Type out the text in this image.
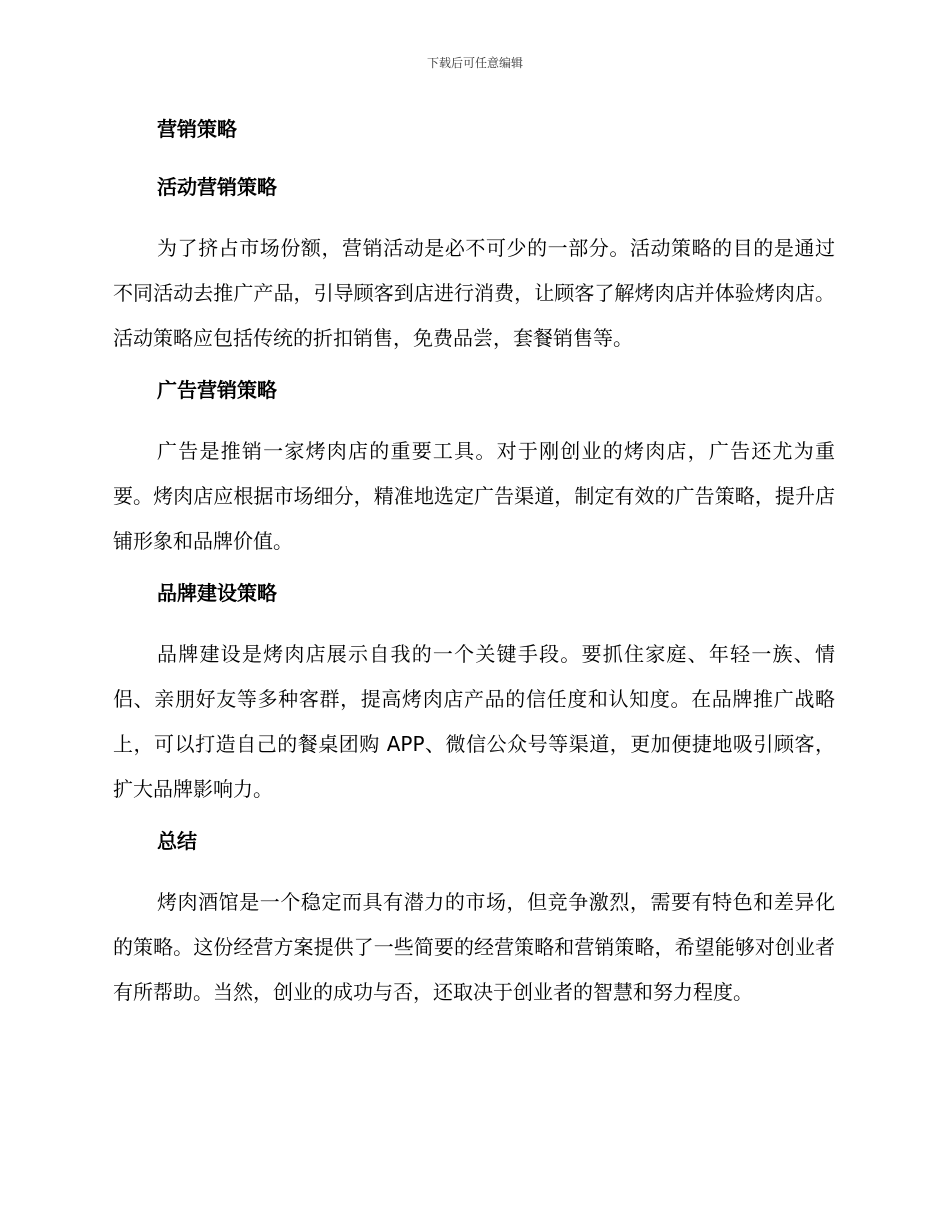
下载后可任意编辑
营销策略
活动营销策略

为了挤占市场份额，营销活动是必不可少的一部分。活动策略的目的是通过不同活动去推广产品，引导顾客到店进行消费，让顾客了解烤肉店并体验烤肉店。活动策略应包括传统的折扣销售，免费品尝，套餐销售等。

广告营销策略

广告是推销一家烤肉店的重要工具。对于刚创业的烤肉店，广告还尤为重要。烤肉店应根据市场细分，精准地选定广告渠道，制定有效的广告策略，提升店铺形象和品牌价值。

品牌建设策略

品牌建设是烤肉店展示自我的一个关键手段。要抓住家庭、年轻一族、情侣、亲朋好友等多种客群，提高烤肉店产品的信任度和认知度。在品牌推广战略上，可以打造自己的餐桌团购 APP、微信公众号等渠道，更加便捷地吸引顾客，扩大品牌影响力。

总结

烤肉酒馆是一个稳定而具有潜力的市场，但竞争激烈，需要有特色和差异化的策略。这份经营方案提供了一些简要的经营策略和营销策略，希望能够对创业者有所帮助。当然，创业的成功与否，还取决于创业者的智慧和努力程度。
